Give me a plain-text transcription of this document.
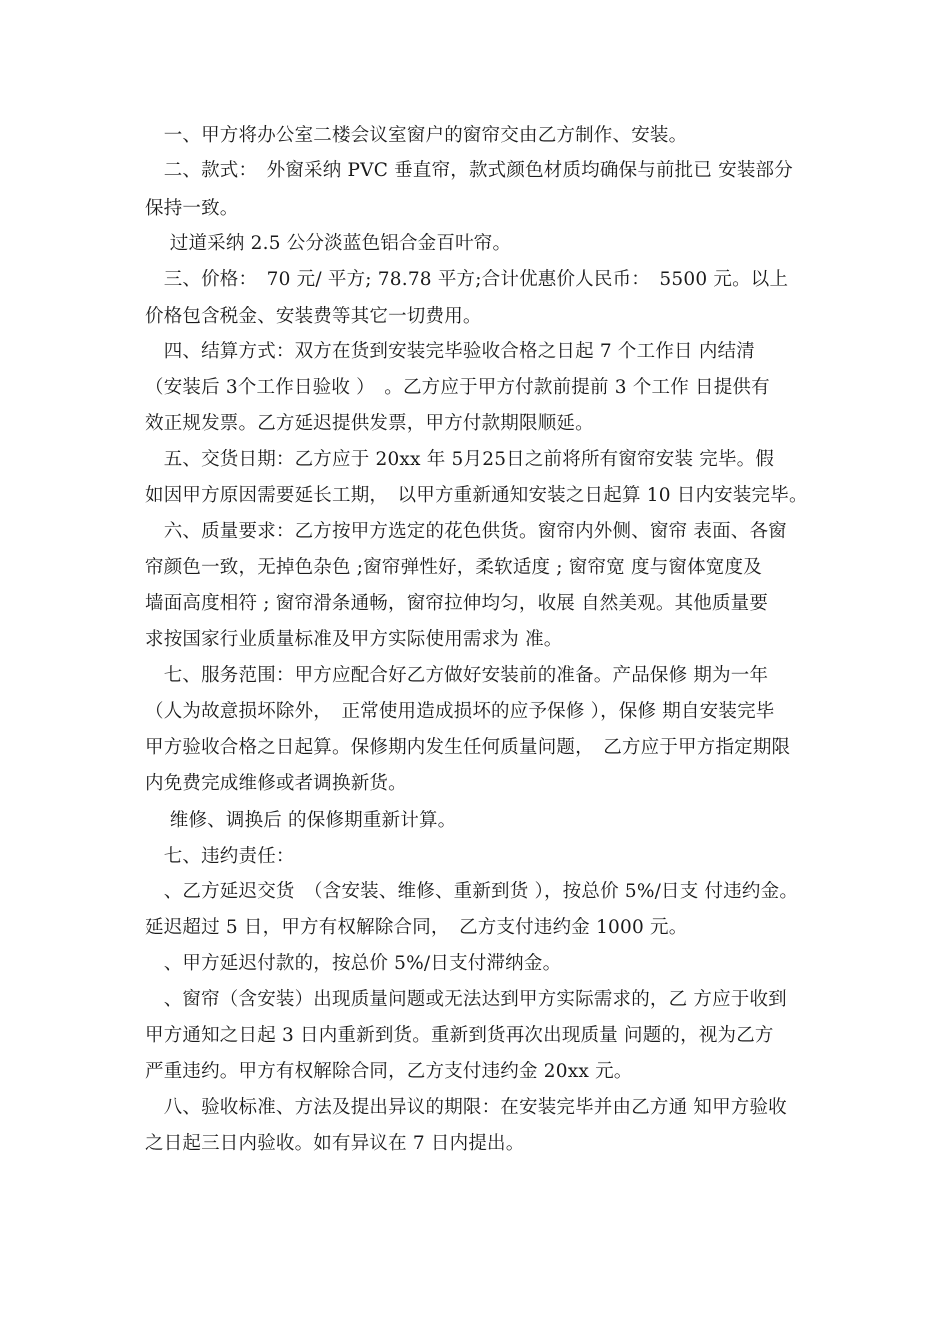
　一、甲方将办公室二楼会议室窗户的窗帘交由乙方制作、安装。
　二、款式：　外窗采纳 PVC 垂直帘，款式颜色材质均确保与前批已 安装部分
保持一致。
　 过道采纳 2.5 公分淡蓝色铝合金百叶帘。
　三、价格：　70 元/ 平方; 78.78 平方;合计优惠价人民币：　5500 元。以上
价格包含税金、安装费等其它一切费用。
　四、结算方式：双方在货到安装完毕验收合格之日起 7 个工作日 内结清
（安装后 3个工作日验收 ）　。乙方应于甲方付款前提前 3 个工作 日提供有
效正规发票。乙方延迟提供发票，甲方付款期限顺延。
　五、交货日期：乙方应于 20xx 年 5月25日之前将所有窗帘安装 完毕。假
如因甲方原因需要延长工期，　以甲方重新通知安装之日起算 10 日内安装完毕。
　六、质量要求：乙方按甲方选定的花色供货。窗帘内外侧、窗帘 表面、各窗
帘颜色一致，无掉色杂色 ;窗帘弹性好，柔软适度 ; 窗帘宽 度与窗体宽度及
墙面高度相符 ; 窗帘滑条通畅，窗帘拉伸均匀，收展 自然美观。其他质量要
求按国家行业质量标准及甲方实际使用需求为 准。
　七、服务范围：甲方应配合好乙方做好安装前的准备。产品保修 期为一年
（人为故意损坏除外，　正常使用造成损坏的应予保修 ），保修 期自安装完毕
甲方验收合格之日起算。保修期内发生任何质量问题，　乙方应于甲方指定期限
内免费完成维修或者调换新货。
　 维修、调换后 的保修期重新计算。
　七、违约责任：
　、乙方延迟交货　（含安装、维修、重新到货 ），按总价 5%/日支 付违约金。
延迟超过 5 日，甲方有权解除合同，　乙方支付违约金 1000 元。
　、甲方延迟付款的，按总价 5%/日支付滞纳金。
　、窗帘（含安装）出现质量问题或无法达到甲方实际需求的，乙 方应于收到
甲方通知之日起 3 日内重新到货。重新到货再次出现质量 问题的，视为乙方
严重违约。甲方有权解除合同，乙方支付违约金 20xx 元。
　八、验收标准、方法及提出异议的期限：在安装完毕并由乙方通 知甲方验收
之日起三日内验收。如有异议在 7 日内提出。
